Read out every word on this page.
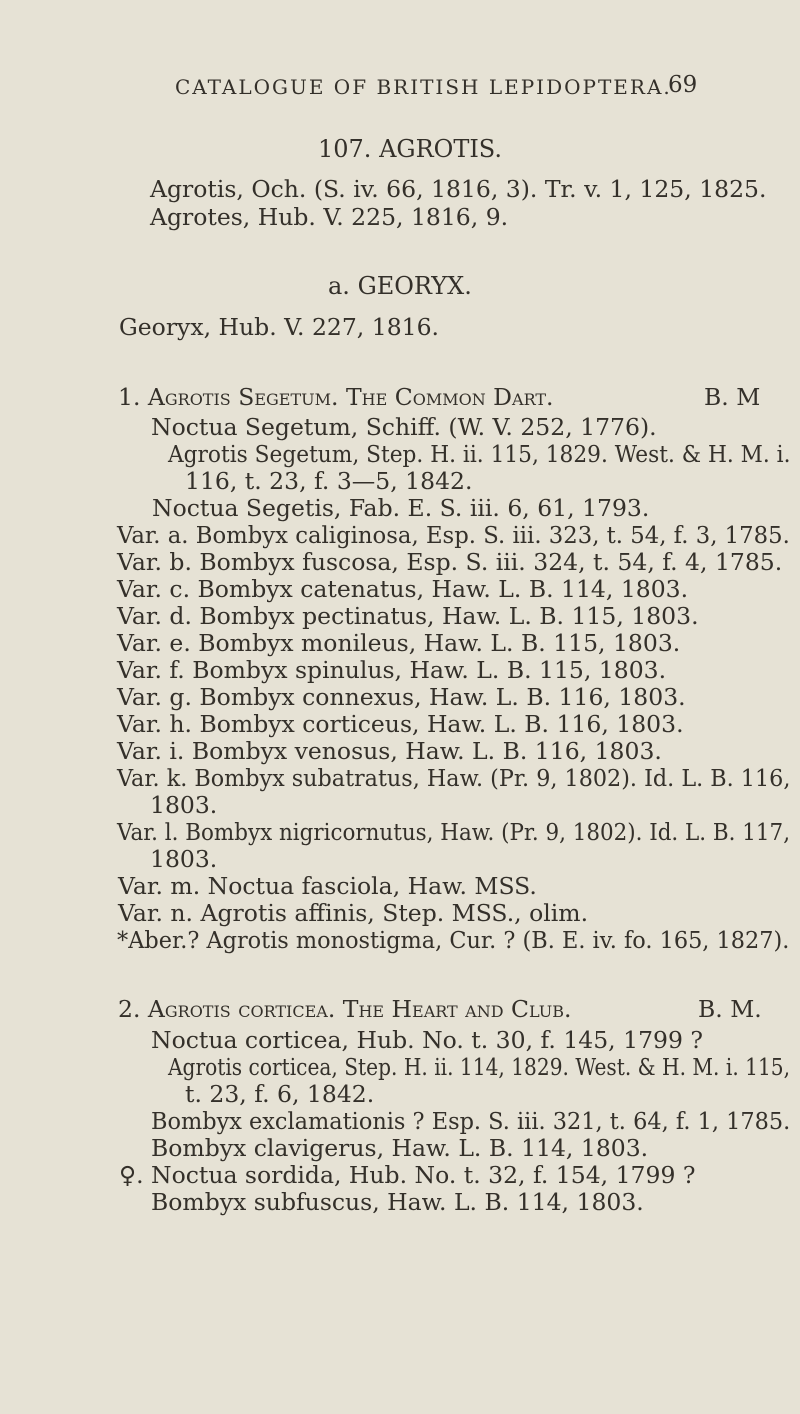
CATALOGUE OF BRITISH LEPIDOPTERA.
69
107. AGROTIS.
Agrotis, Och. (S. iv. 66, 1816, 3). Tr. v. 1, 125, 1825.
Agrotes, Hub. V. 225, 1816, 9.
a. GEORYX.
Georyx, Hub. V. 227, 1816.
1. Agrotis Segetum. The Common Dart.	B. M
Noctua Segetum, Schiff. (W. V. 252, 1776).
Agrotis Segetum, Step. H. ii. 115, 1829. West. & H. M. i.
116, t. 23, f. 3—5, 1842.
Noctua Segetis, Fab. E. S. iii. 6, 61, 1793.
Var. a. Bombyx caliginosa, Esp. S. iii. 323, t. 54, f. 3, 1785.
Var. b. Bombyx fuscosa, Esp. S. iii. 324, t. 54, f. 4, 1785.
Var. c. Bombyx catenatus, Haw. L. B. 114, 1803.
Var. d. Bombyx pectinatus, Haw. L. B. 115, 1803.
Var. e. Bombyx monileus, Haw. L. B. 115, 1803.
Var. f. Bombyx spinulus, Haw. L. B. 115, 1803.
Var. g. Bombyx connexus, Haw. L. B. 116, 1803.
Var. h. Bombyx corticeus, Haw. L. B. 116, 1803.
Var. i. Bombyx venosus, Haw. L. B. 116, 1803.
Var. k. Bombyx subatratus, Haw. (Pr. 9, 1802). Id. L. B. 116,
1803.
Var. l. Bombyx nigricornutus, Haw. (Pr. 9, 1802). Id. L. B. 117,
1803.
Var. m. Noctua fasciola, Haw. MSS.
Var. n. Agrotis affinis, Step. MSS., olim.
*Aber.? Agrotis monostigma, Cur. ? (B. E. iv. fo. 165, 1827).
2. Agrotis corticea. The Heart and Club.	B. M.
Noctua corticea, Hub. No. t. 30, f. 145, 1799 ?
Agrotis corticea, Step. H. ii. 114, 1829. West. & H. M. i. 115,
t. 23, f. 6, 1842.
Bombyx exclamationis ? Esp. S. iii. 321, t. 64, f. 1, 1785.
Bombyx clavigerus, Haw. L. B. 114, 1803.
♀. Noctua sordida, Hub. No. t. 32, f. 154, 1799 ?
Bombyx subfuscus, Haw. L. B. 114, 1803.
